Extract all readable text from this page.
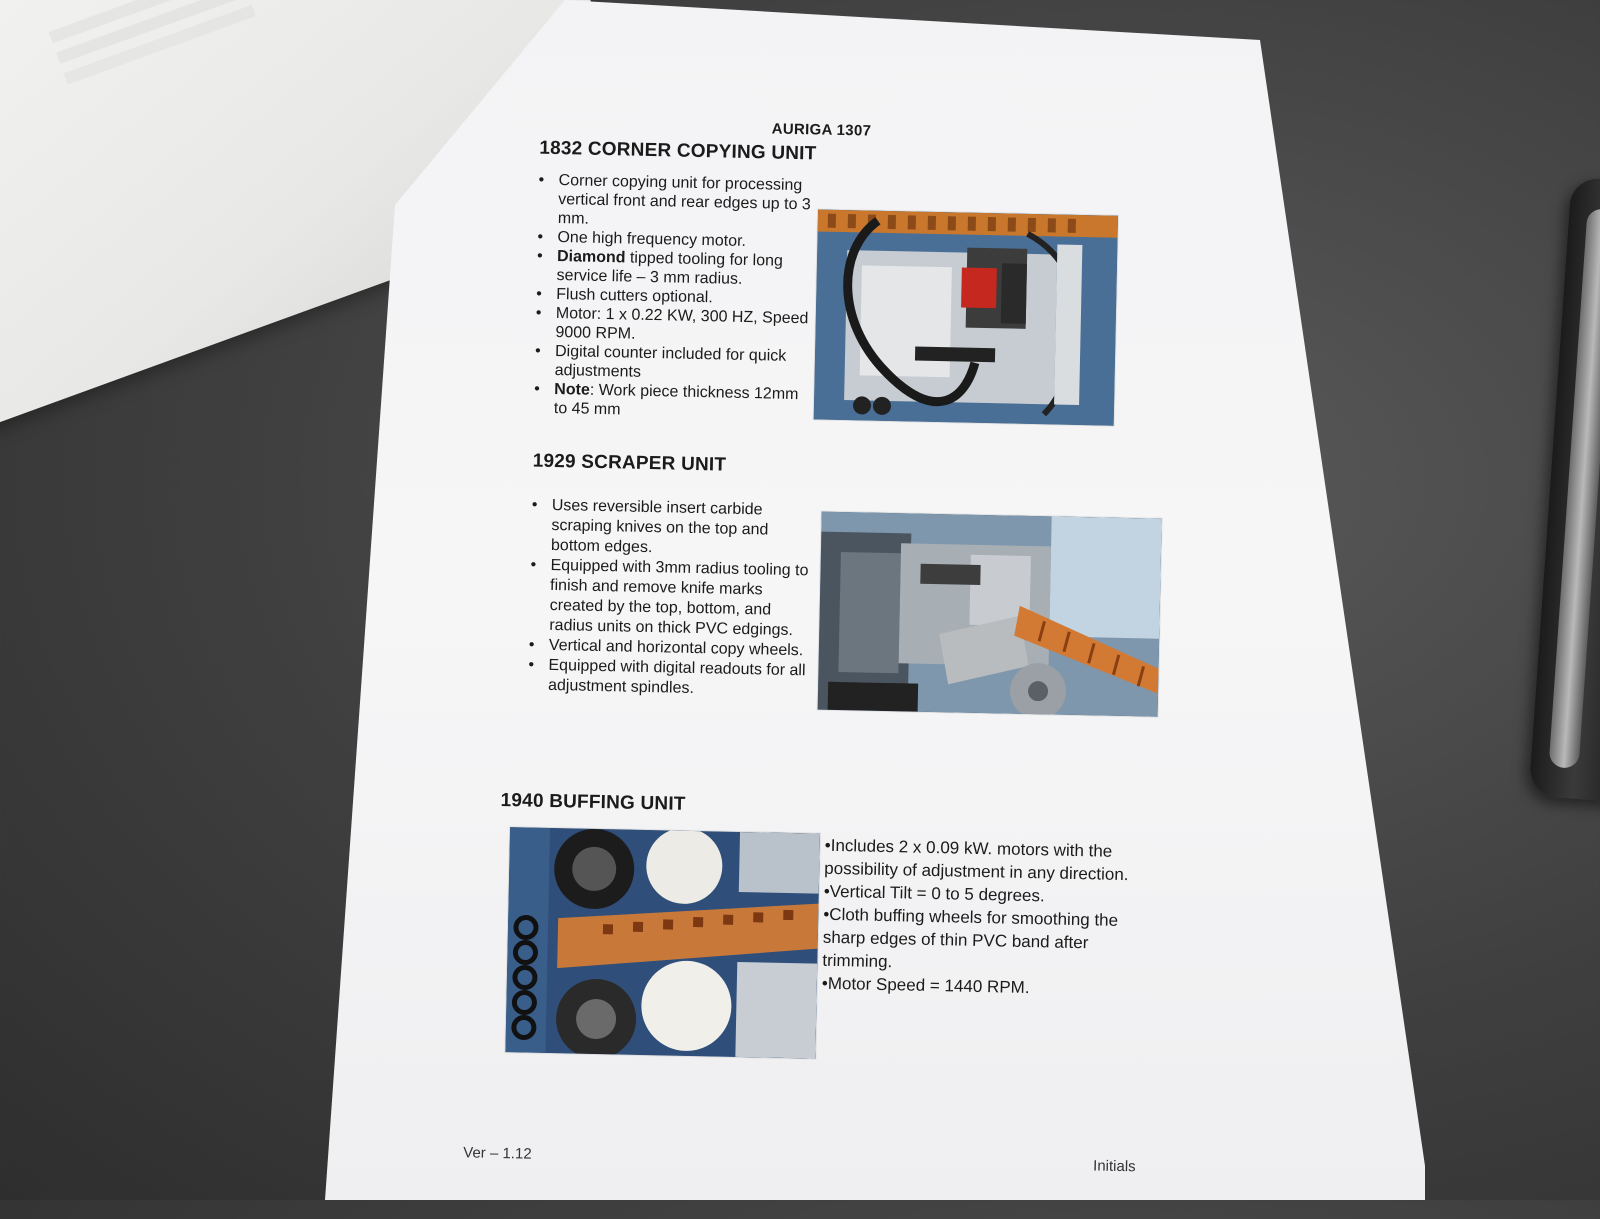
AURIGA 1307
1832 CORNER COPYING UNIT
• Corner copying unit for processing vertical front and rear edges up to 3 mm.
• One high frequency motor.
• Diamond tipped tooling for long service life – 3 mm radius.
• Flush cutters optional.
• Motor: 1 x 0.22 KW, 300 HZ, Speed 9000 RPM.
• Digital counter included for quick adjustments
• Note: Work piece thickness 12mm to 45 mm
1929 SCRAPER UNIT
• Uses reversible insert carbide scraping knives on the top and bottom edges.
• Equipped with 3mm radius tooling to finish and remove knife marks created by the top, bottom, and radius units on thick PVC edgings.
• Vertical and horizontal copy wheels.
• Equipped with digital readouts for all adjustment spindles.
1940 BUFFING UNIT
•Includes 2 x 0.09 kW. motors with the
possibility of adjustment in any direction.
•Vertical Tilt = 0 to 5 degrees.
•Cloth buffing wheels for smoothing the
sharp edges of thin PVC band after
trimming.
•Motor Speed = 1440 RPM.
Ver – 1.12
Initials
